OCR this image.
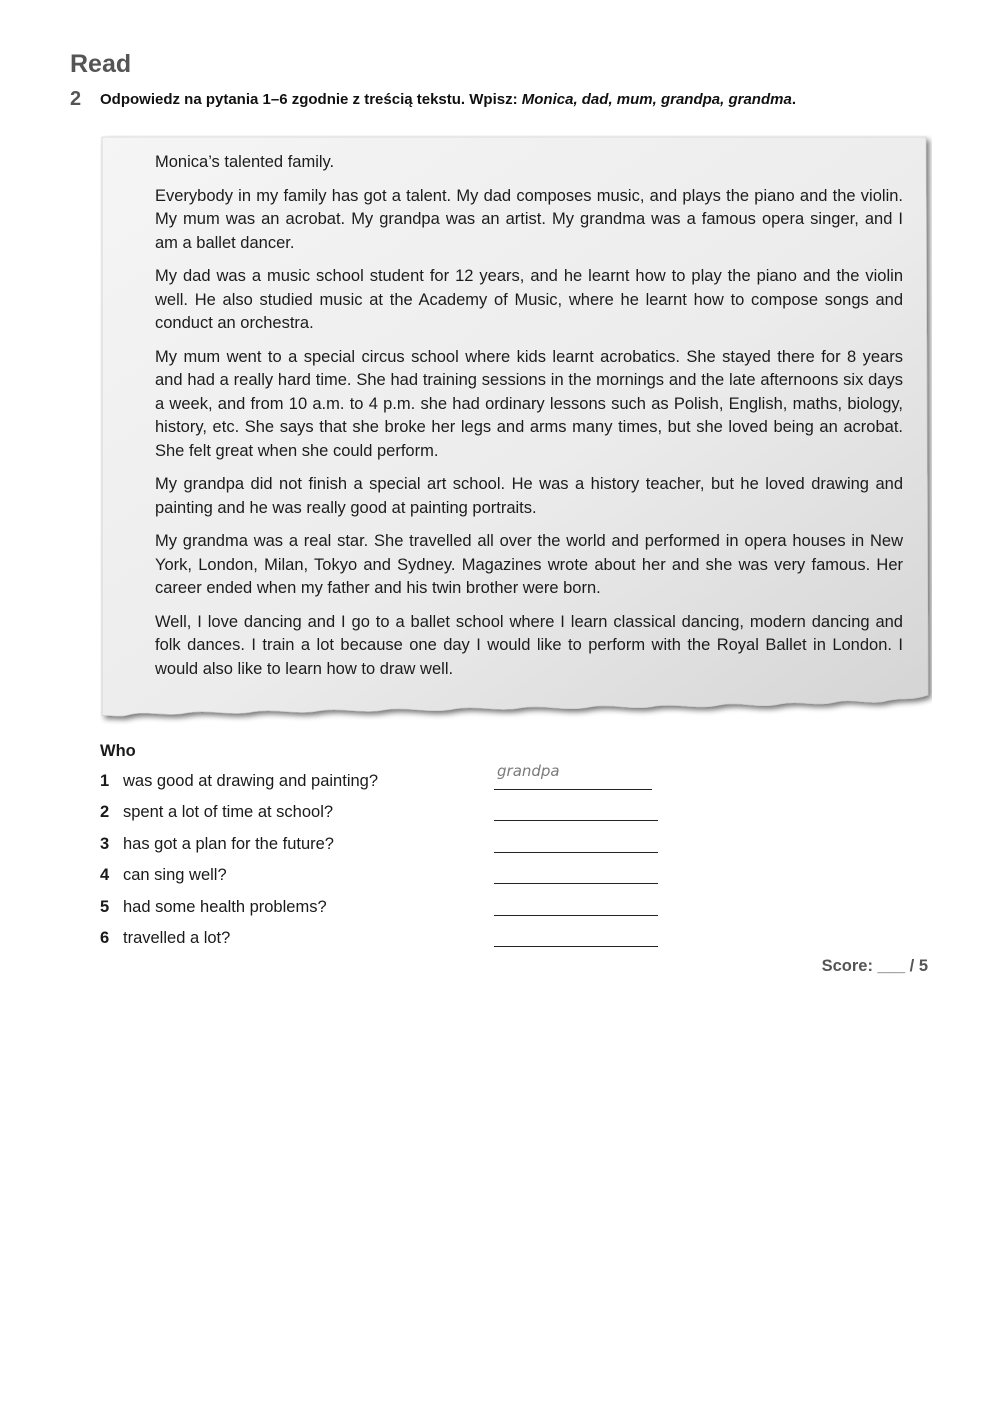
Read
2 Odpowiedz na pytania 1–6 zgodnie z treścią tekstu. Wpisz: Monica, dad, mum, grandpa, grandma.

Monica’s talented family.

Everybody in my family has got a talent. My dad composes music, and plays the piano and the violin. My mum was an acrobat. My grandpa was an artist. My grandma was a famous opera singer, and I am a ballet dancer.

My dad was a music school student for 12 years, and he learnt how to play the piano and the violin well. He also studied music at the Academy of Music, where he learnt how to compose songs and conduct an orchestra.

My mum went to a special circus school where kids learnt acrobatics. She stayed there for 8 years and had a really hard time. She had training sessions in the mornings and the late afternoons six days a week, and from 10 a.m. to 4 p.m. she had ordinary lessons such as Polish, English, maths, biology, history, etc. She says that she broke her legs and arms many times, but she loved being an acrobat. She felt great when she could perform.

My grandpa did not finish a special art school. He was a history teacher, but he loved drawing and painting and he was really good at painting portraits.

My grandma was a real star. She travelled all over the world and performed in opera houses in New York, London, Milan, Tokyo and Sydney. Magazines wrote about her and she was very famous. Her career ended when my father and his twin brother were born.

Well, I love dancing and I go to a ballet school where I learn classical dancing, modern dancing and folk dances. I train a lot because one day I would like to perform with the Royal Ballet in London. I would also like to learn how to draw well.

Who
1 was good at drawing and painting?
grandpa
2 spent a lot of time at school?
3 has got a plan for the future?
4 can sing well?
5 had some health problems?
6 travelled a lot?
Score: ___ / 5
